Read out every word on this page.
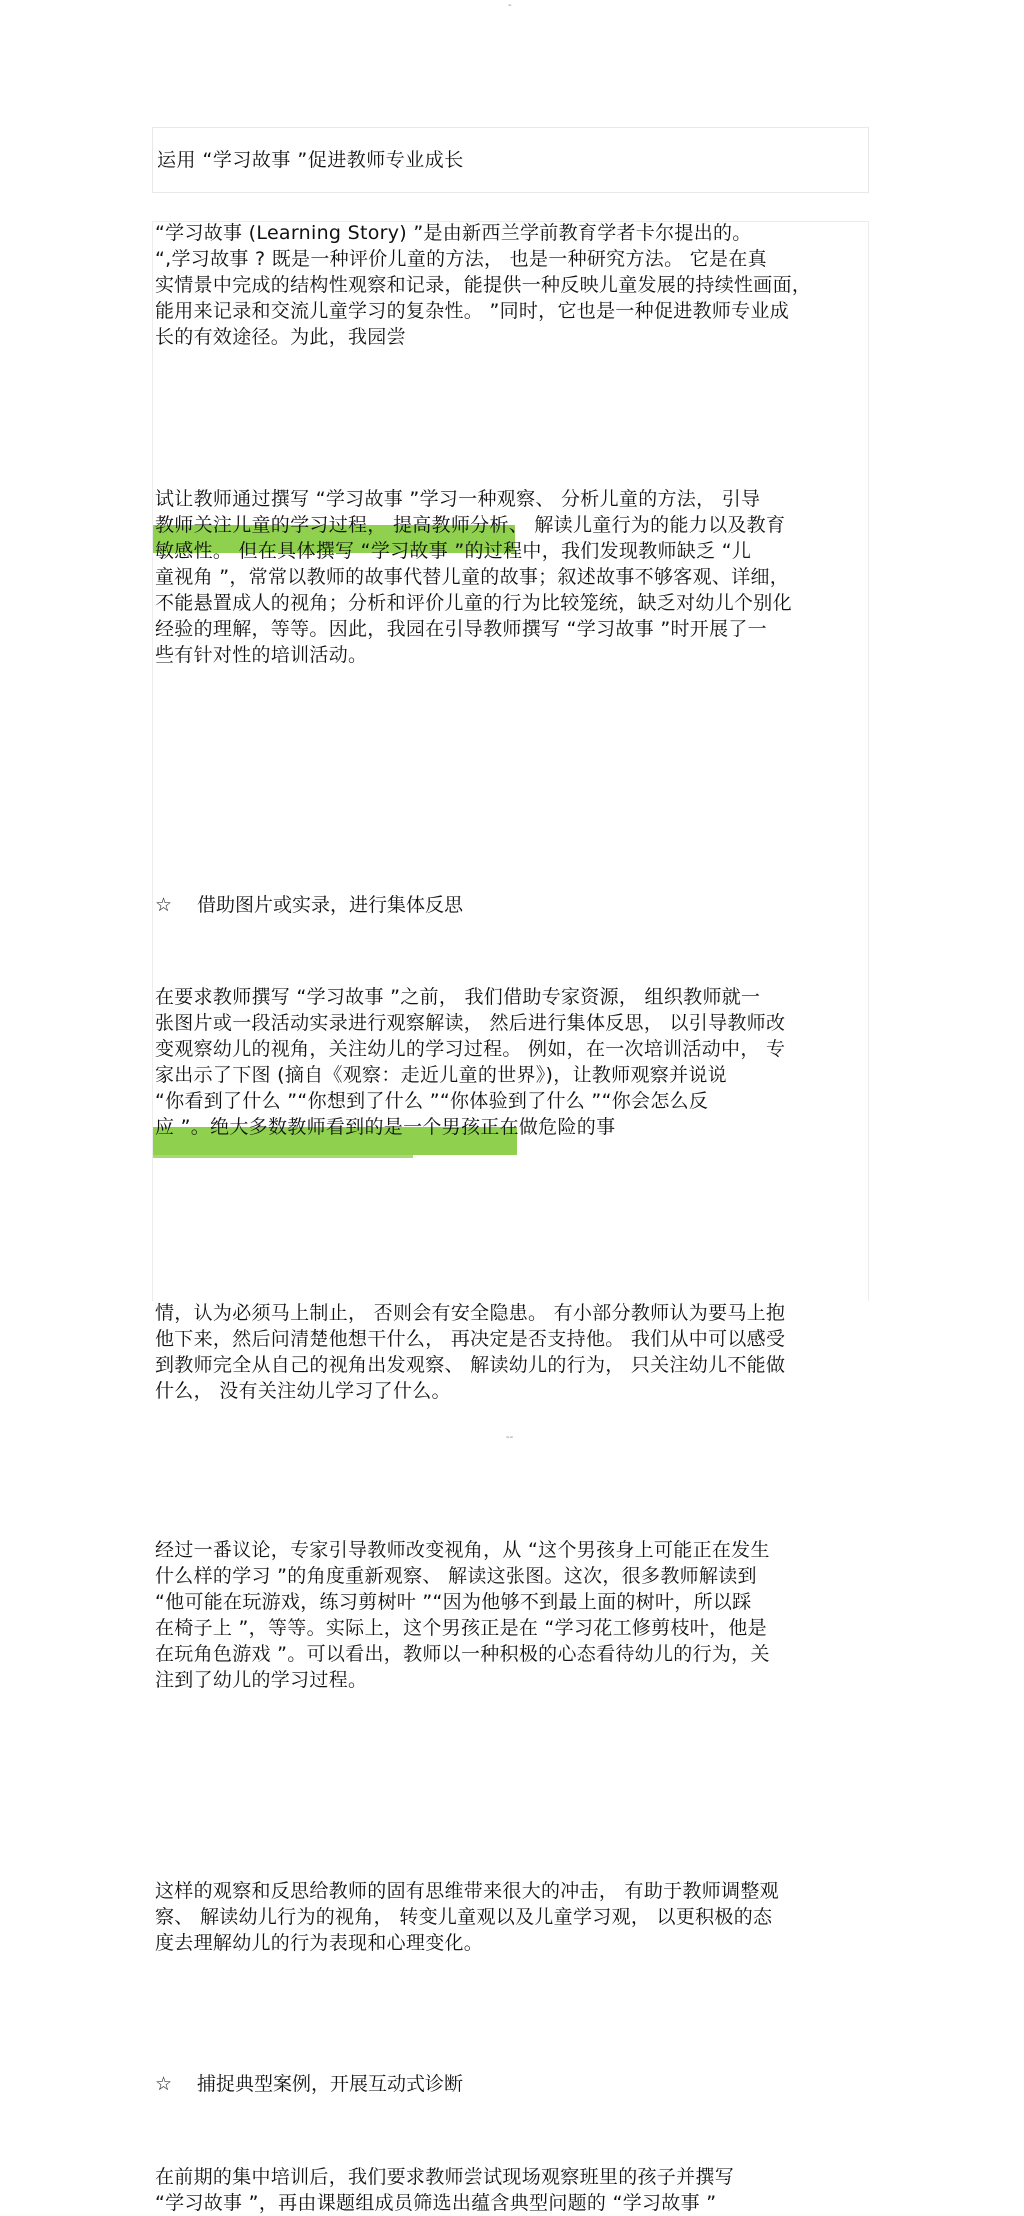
-
运用 “学习故事 ”促进教师专业成长
“学习故事 (Learning Story) ”是由新西兰学前教育学者卡尔提出的。
“,学习故事 ? 既是一种评价儿童的方法， 也是一种研究方法。 它是在真
实情景中完成的结构性观察和记录，能提供一种反映儿童发展的持续性画面，
能用来记录和交流儿童学习的复杂性。 ”同时，它也是一种促进教师专业成
长的有效途径。为此，我园尝
试让教师通过撰写 “学习故事 ”学习一种观察、 分析儿童的方法， 引导
教师关注儿童的学习过程， 提高教师分析、 解读儿童行为的能力以及教育
敏感性。 但在具体撰写 “学习故事 ”的过程中，我们发现教师缺乏 “儿
童视角 ”，常常以教师的故事代替儿童的故事；叙述故事不够客观、详细，
不能悬置成人的视角；分析和评价儿童的行为比较笼统，缺乏对幼儿个别化
经验的理解，等等。因此，我园在引导教师撰写 “学习故事 ”时开展了一
些有针对性的培训活动。
☆ 借助图片或实录，进行集体反思
在要求教师撰写 “学习故事 ”之前， 我们借助专家资源， 组织教师就一
张图片或一段活动实录进行观察解读， 然后进行集体反思， 以引导教师改
变观察幼儿的视角，关注幼儿的学习过程。 例如，在一次培训活动中， 专
家出示了下图 (摘自《观察：走近儿童的世界》)，让教师观察并说说
“你看到了什么 ”“你想到了什么 ”“你体验到了什么 ”“你会怎么反
应 ”。绝大多数教师看到的是一个男孩正在做危险的事
情，认为必须马上制止， 否则会有安全隐患。 有小部分教师认为要马上抱
他下来，然后问清楚他想干什么， 再决定是否支持他。 我们从中可以感受
到教师完全从自己的视角出发观察、 解读幼儿的行为， 只关注幼儿不能做
什么， 没有关注幼儿学习了什么。
经过一番议论，专家引导教师改变视角，从 “这个男孩身上可能正在发生
什么样的学习 ”的角度重新观察、 解读这张图。这次，很多教师解读到
“他可能在玩游戏，练习剪树叶 ”“因为他够不到最上面的树叶，所以踩
在椅子上 ”，等等。实际上，这个男孩正是在 “学习花工修剪枝叶，他是
在玩角色游戏 ”。可以看出，教师以一种积极的心态看待幼儿的行为，关
注到了幼儿的学习过程。
这样的观察和反思给教师的固有思维带来很大的冲击， 有助于教师调整观
察、 解读幼儿行为的视角， 转变儿童观以及儿童学习观， 以更积极的态
度去理解幼儿的行为表现和心理变化。
☆ 捕捉典型案例，开展互动式诊断
在前期的集中培训后，我们要求教师尝试现场观察班里的孩子并撰写
“学习故事 ”，再由课题组成员筛选出蕴含典型问题的 “学习故事 ”
--
